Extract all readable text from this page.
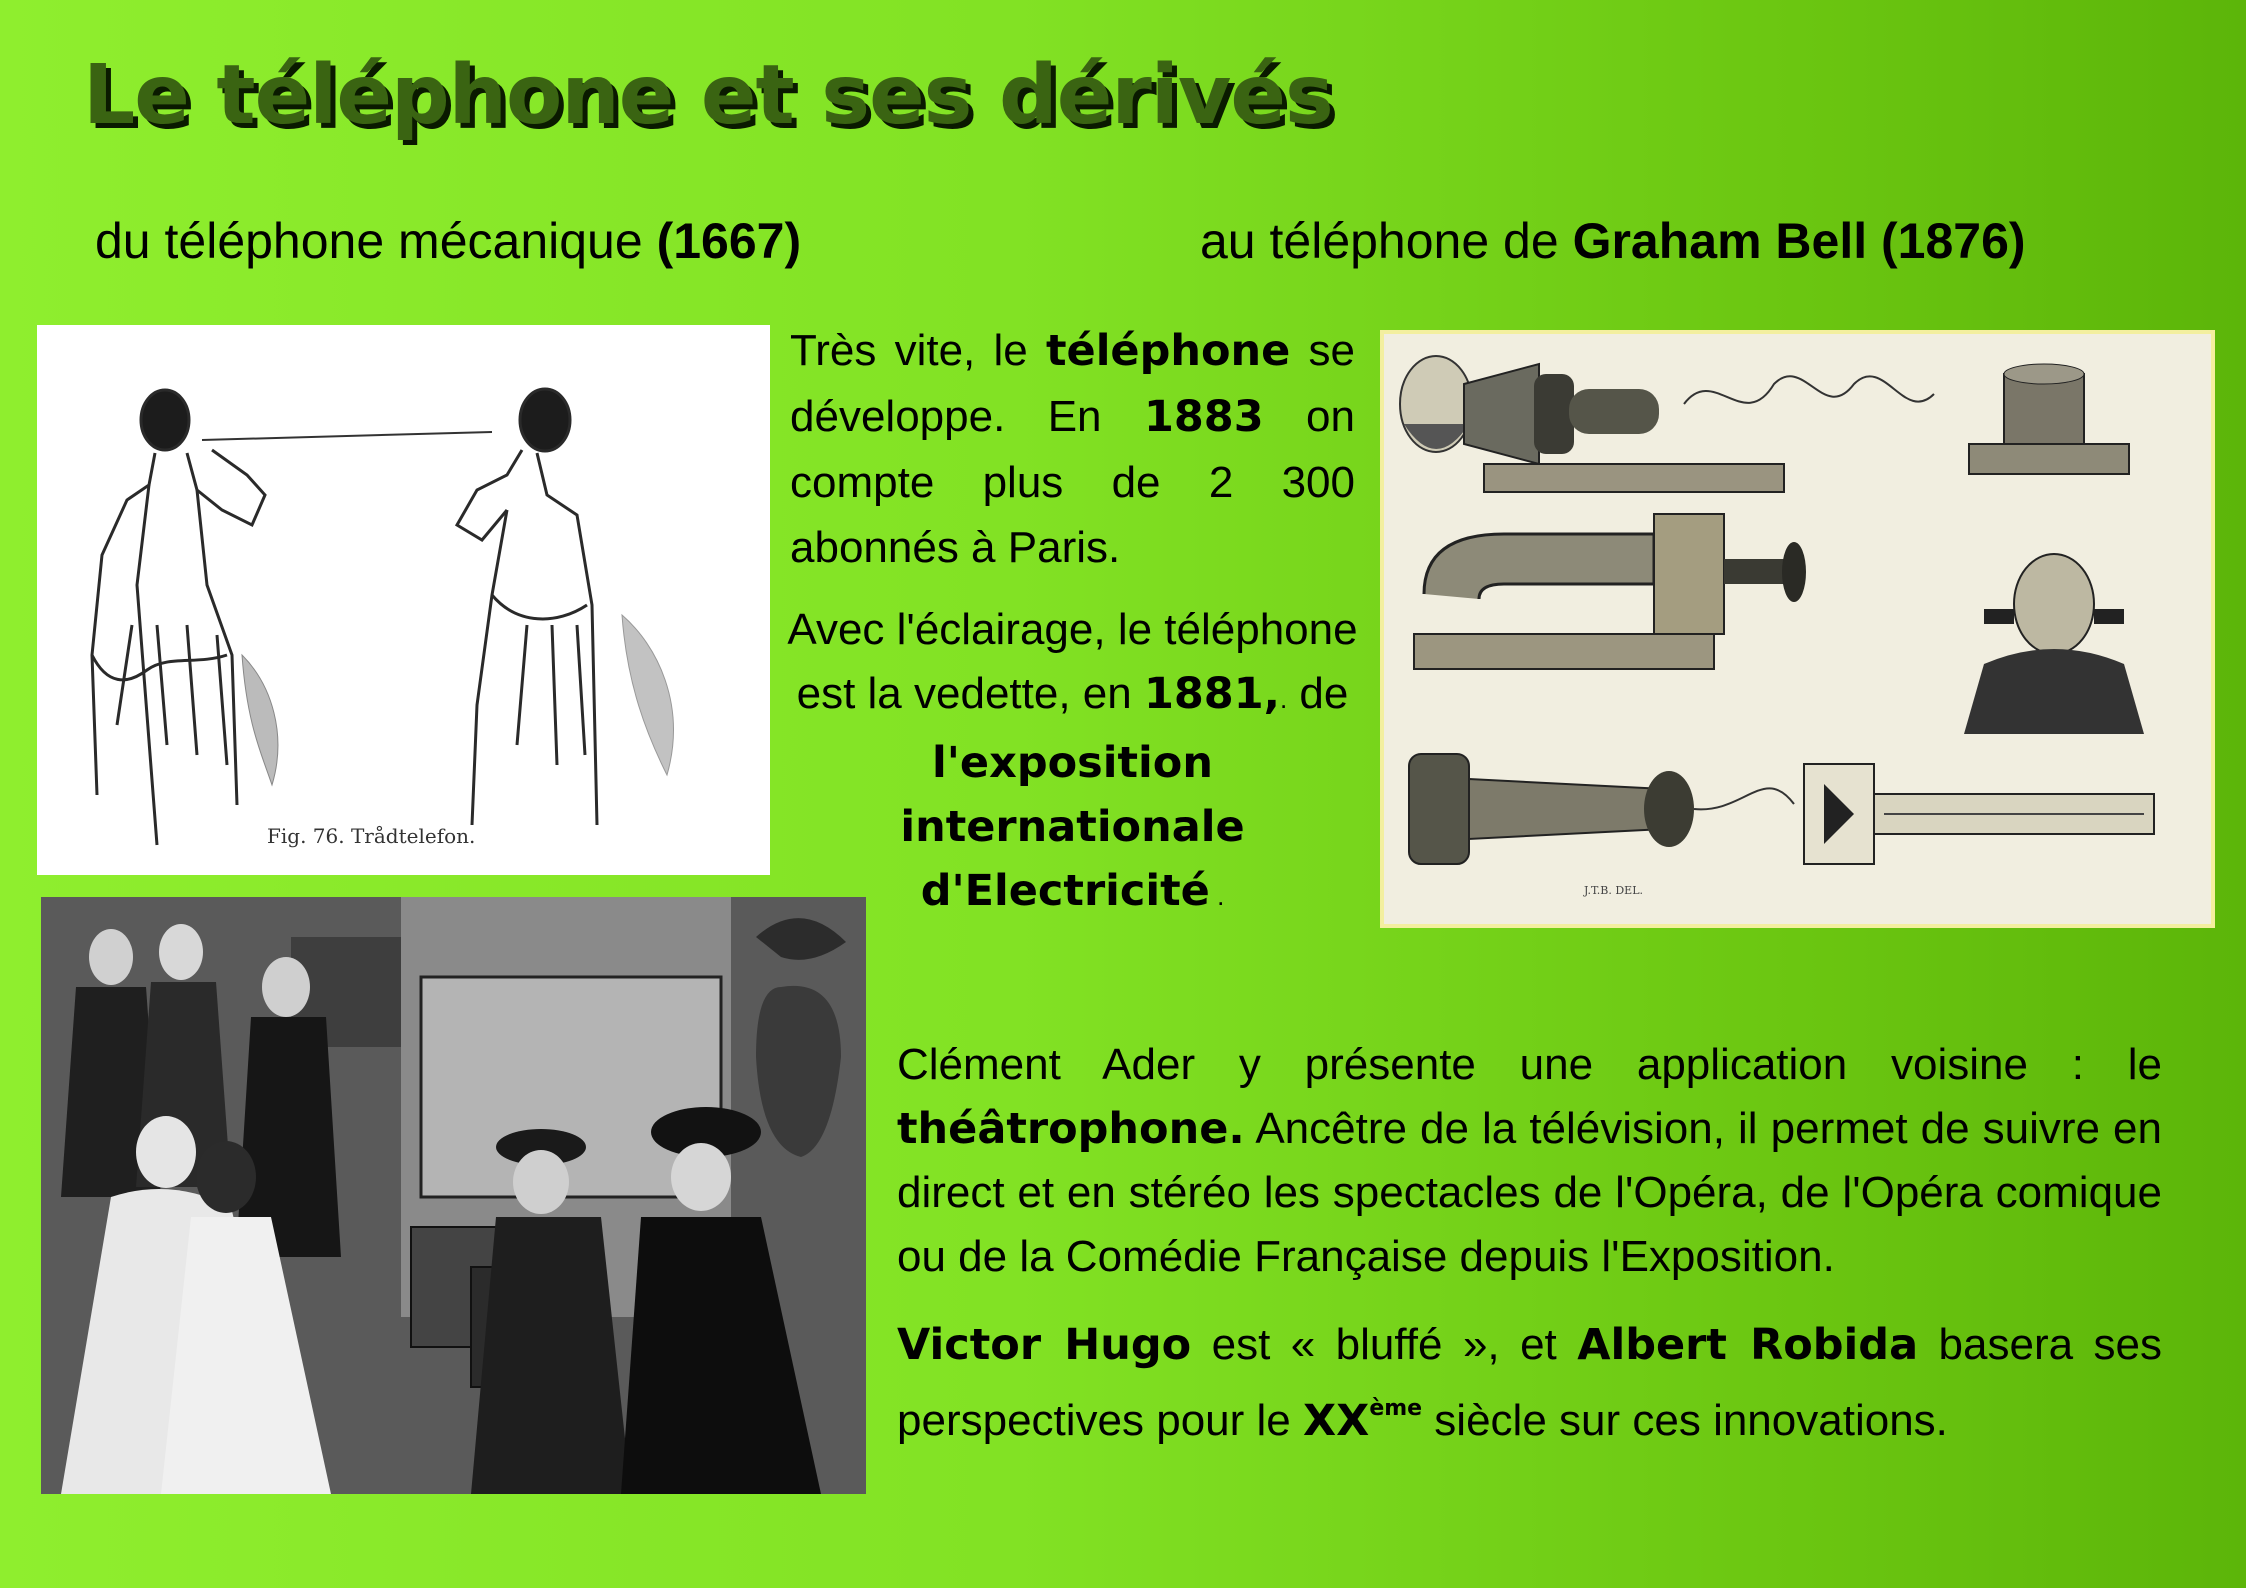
Le téléphone et ses dérivés
du téléphone mécanique (1667)	au téléphone de Graham Bell (1876)
Fig. 76. Trådtelefon.
Très vite, le téléphone se développe. En 1883 on compte plus de 2 300 abonnés à Paris.
Avec l'éclairage, le téléphone est la vedette, en 1881,. de
l'exposition internationale d'Electricité .	J.T.B. DEL.
Clément Ader y présente une application voisine : le théâtrophone. Ancêtre de la télévision, il permet de suivre en direct et en stéréo les spectacles de l'Opéra, de l'Opéra comique ou de la Comédie Française depuis l'Exposition.
Victor Hugo est « bluffé », et Albert Robida basera ses perspectives pour le XXème siècle sur ces innovations.
